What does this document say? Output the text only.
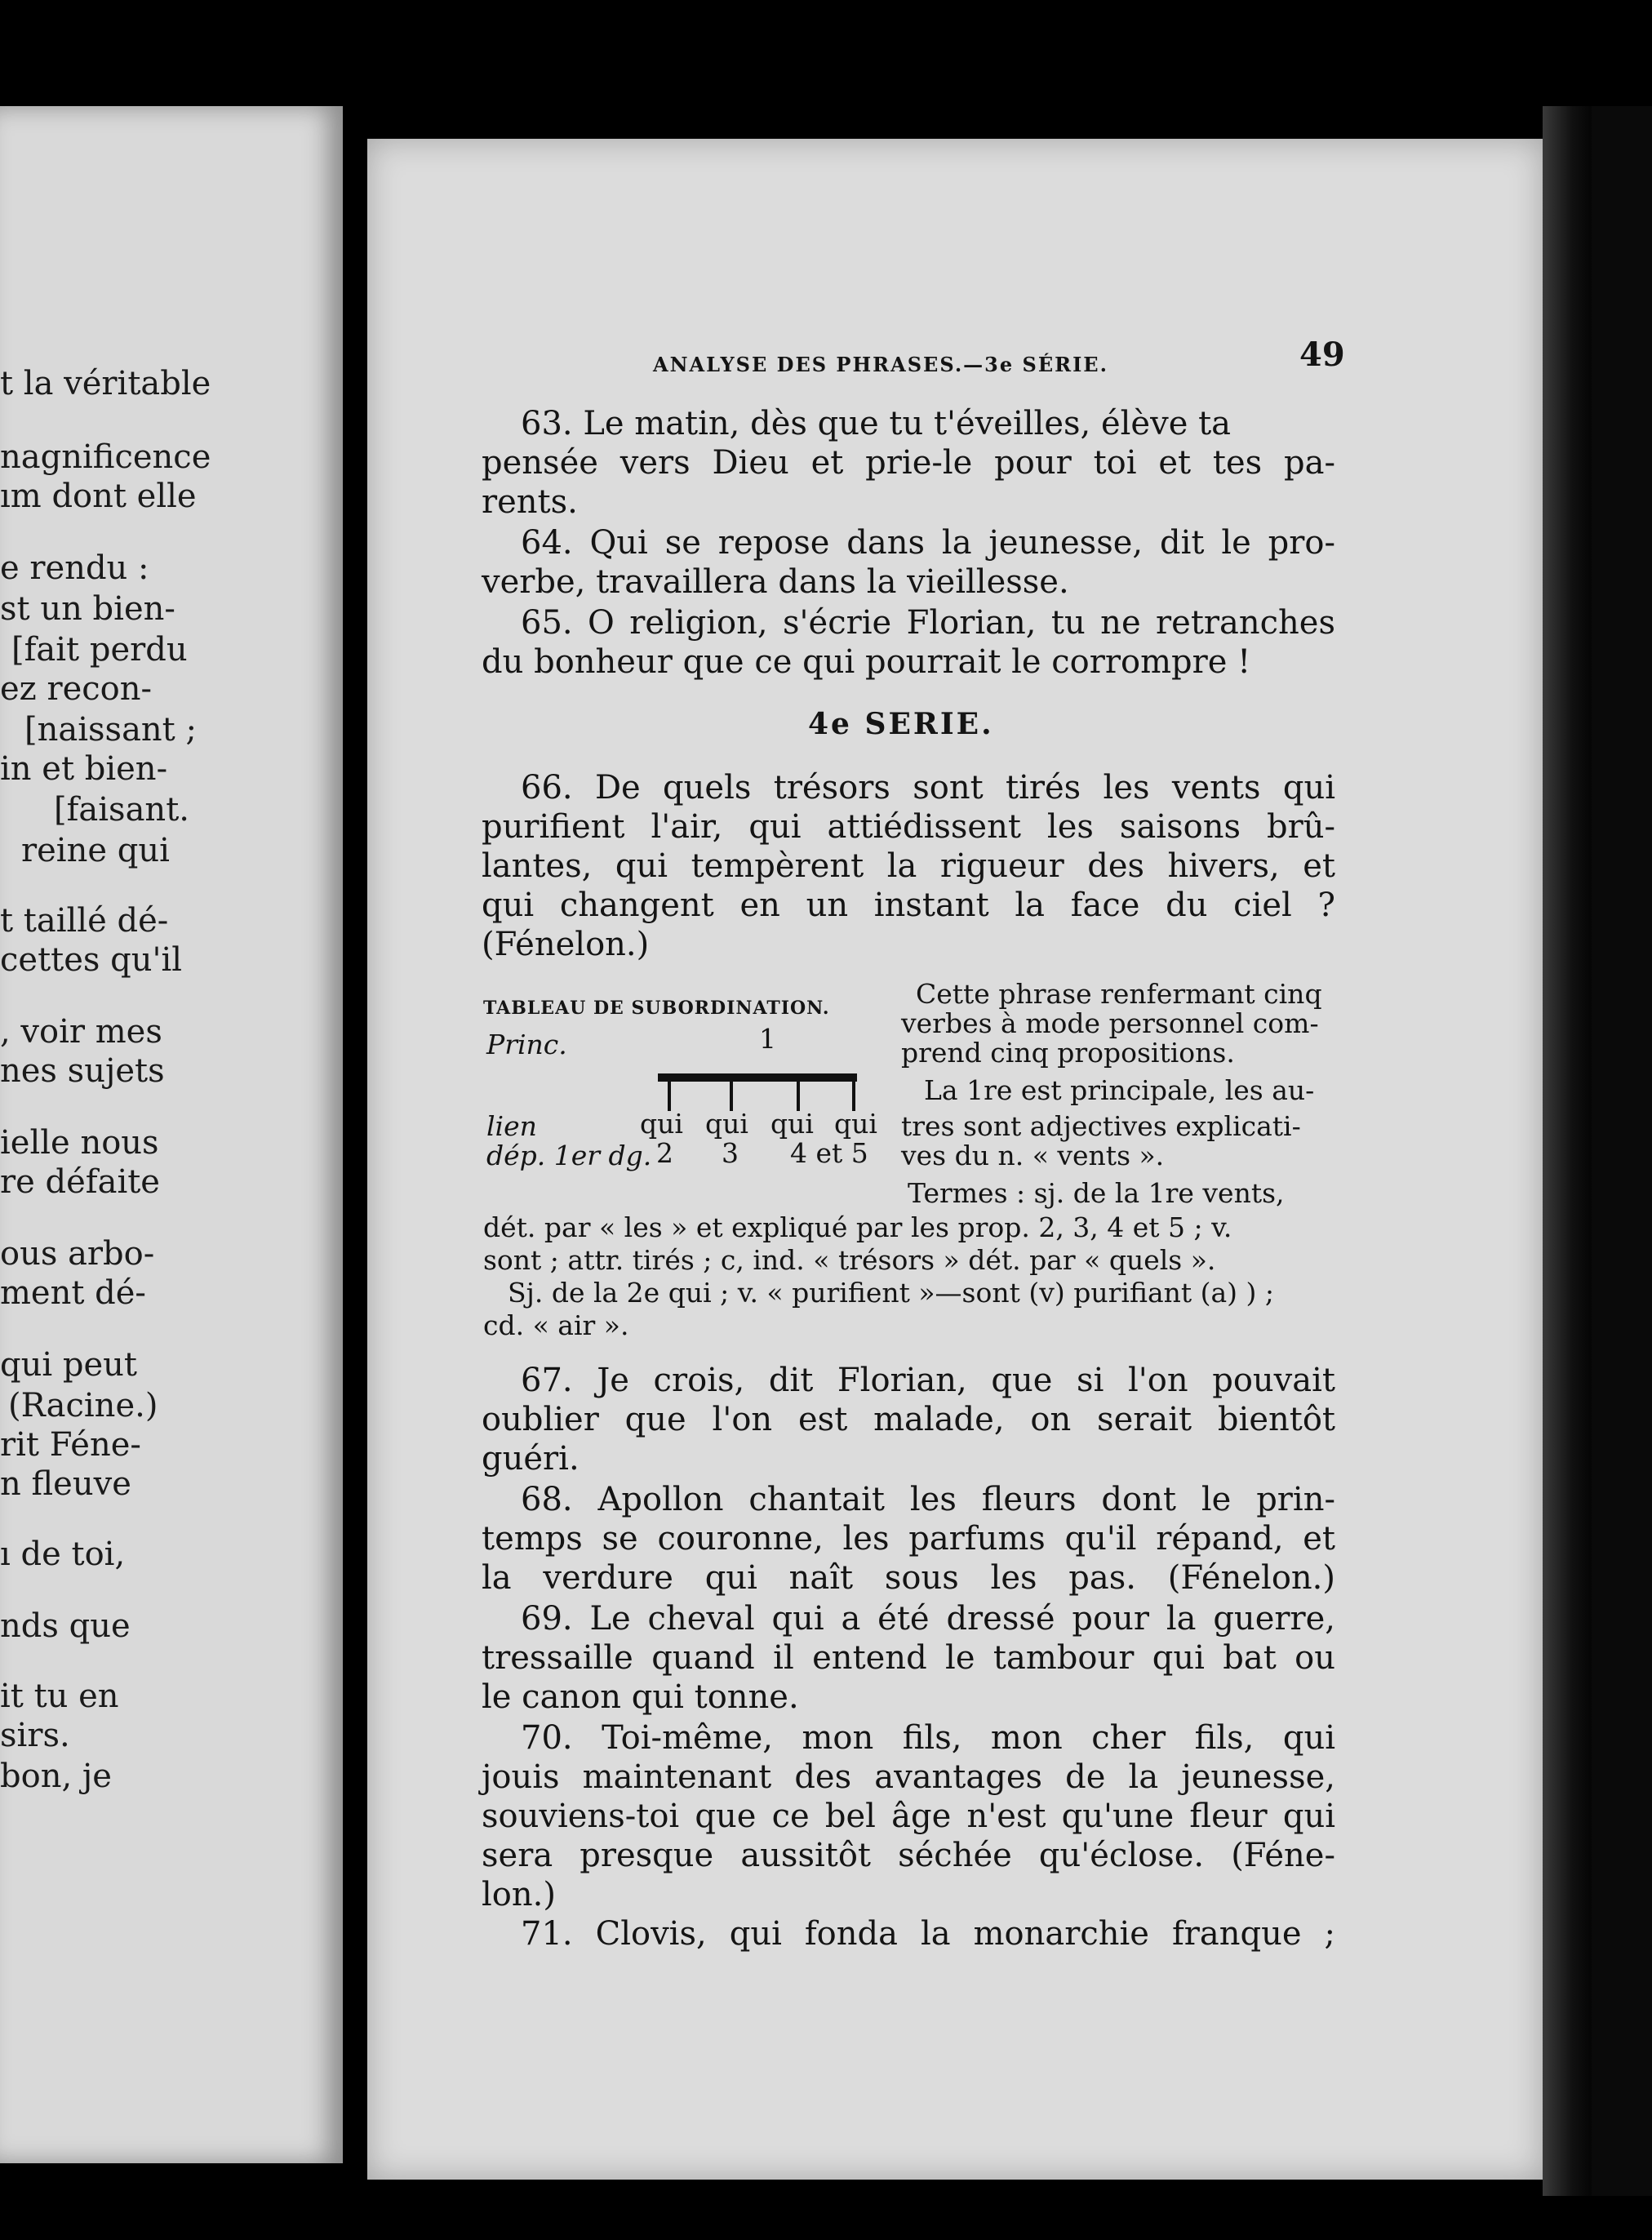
t la véritable
nagnificence
ım dont elle
e rendu :
st un bien-
[fait perdu
ez recon-
[naissant ;
in et bien-
[faisant.
reine qui
t taillé dé-
cettes qu'il
, voir mes
nes sujets
ielle nous
re défaite
ous arbo-
ment dé-
qui peut
(Racine.)
rit Féne-
n fleuve
ı de toi,
nds que
it tu en
sirs.
bon, je
ANALYSE DES PHRASES.—3e SÉRIE.	49
63. Le matin, dès que tu t'éveilles, élève ta
pensée vers Dieu et prie-le pour toi et tes pa-
rents.
64. Qui se repose dans la jeunesse, dit le pro-
verbe, travaillera dans la vieillesse.
65. O religion, s'écrie Florian, tu ne retranches
du bonheur que ce qui pourrait le corrompre !
4e SERIE.
66. De quels trésors sont tirés les vents qui
purifient l'air, qui attiédissent les saisons brû-
lantes, qui tempèrent la rigueur des hivers, et
qui changent en un instant la face du ciel ?
(Fénelon.)
TABLEAU DE SUBORDINATION.
Princ.	1
qui qui qui qui
2 3 4 et 5
lien
dép. 1er dg.
Cette phrase renfermant cinq
verbes à mode personnel com-
prend cinq propositions.
La 1re est principale, les au-
tres sont adjectives explicati-
ves du n. « vents ».
Termes : sj. de la 1re vents,
dét. par « les » et expliqué par les prop. 2, 3, 4 et 5 ; v.
sont ; attr. tirés ; c, ind. « trésors » dét. par « quels ».
Sj. de la 2e qui ; v. « purifient »—sont (v) purifiant (a) ) ;
cd. « air ».
67. Je crois, dit Florian, que si l'on pouvait
oublier que l'on est malade, on serait bientôt
guéri.
68. Apollon chantait les fleurs dont le prin-
temps se couronne, les parfums qu'il répand, et
la verdure qui naît sous les pas. (Fénelon.)
69. Le cheval qui a été dressé pour la guerre,
tressaille quand il entend le tambour qui bat ou
le canon qui tonne.
70. Toi-même, mon fils, mon cher fils, qui
jouis maintenant des avantages de la jeunesse,
souviens-toi que ce bel âge n'est qu'une fleur qui
sera presque aussitôt séchée qu'éclose. (Féne-
lon.)
71. Clovis, qui fonda la monarchie franque ;
